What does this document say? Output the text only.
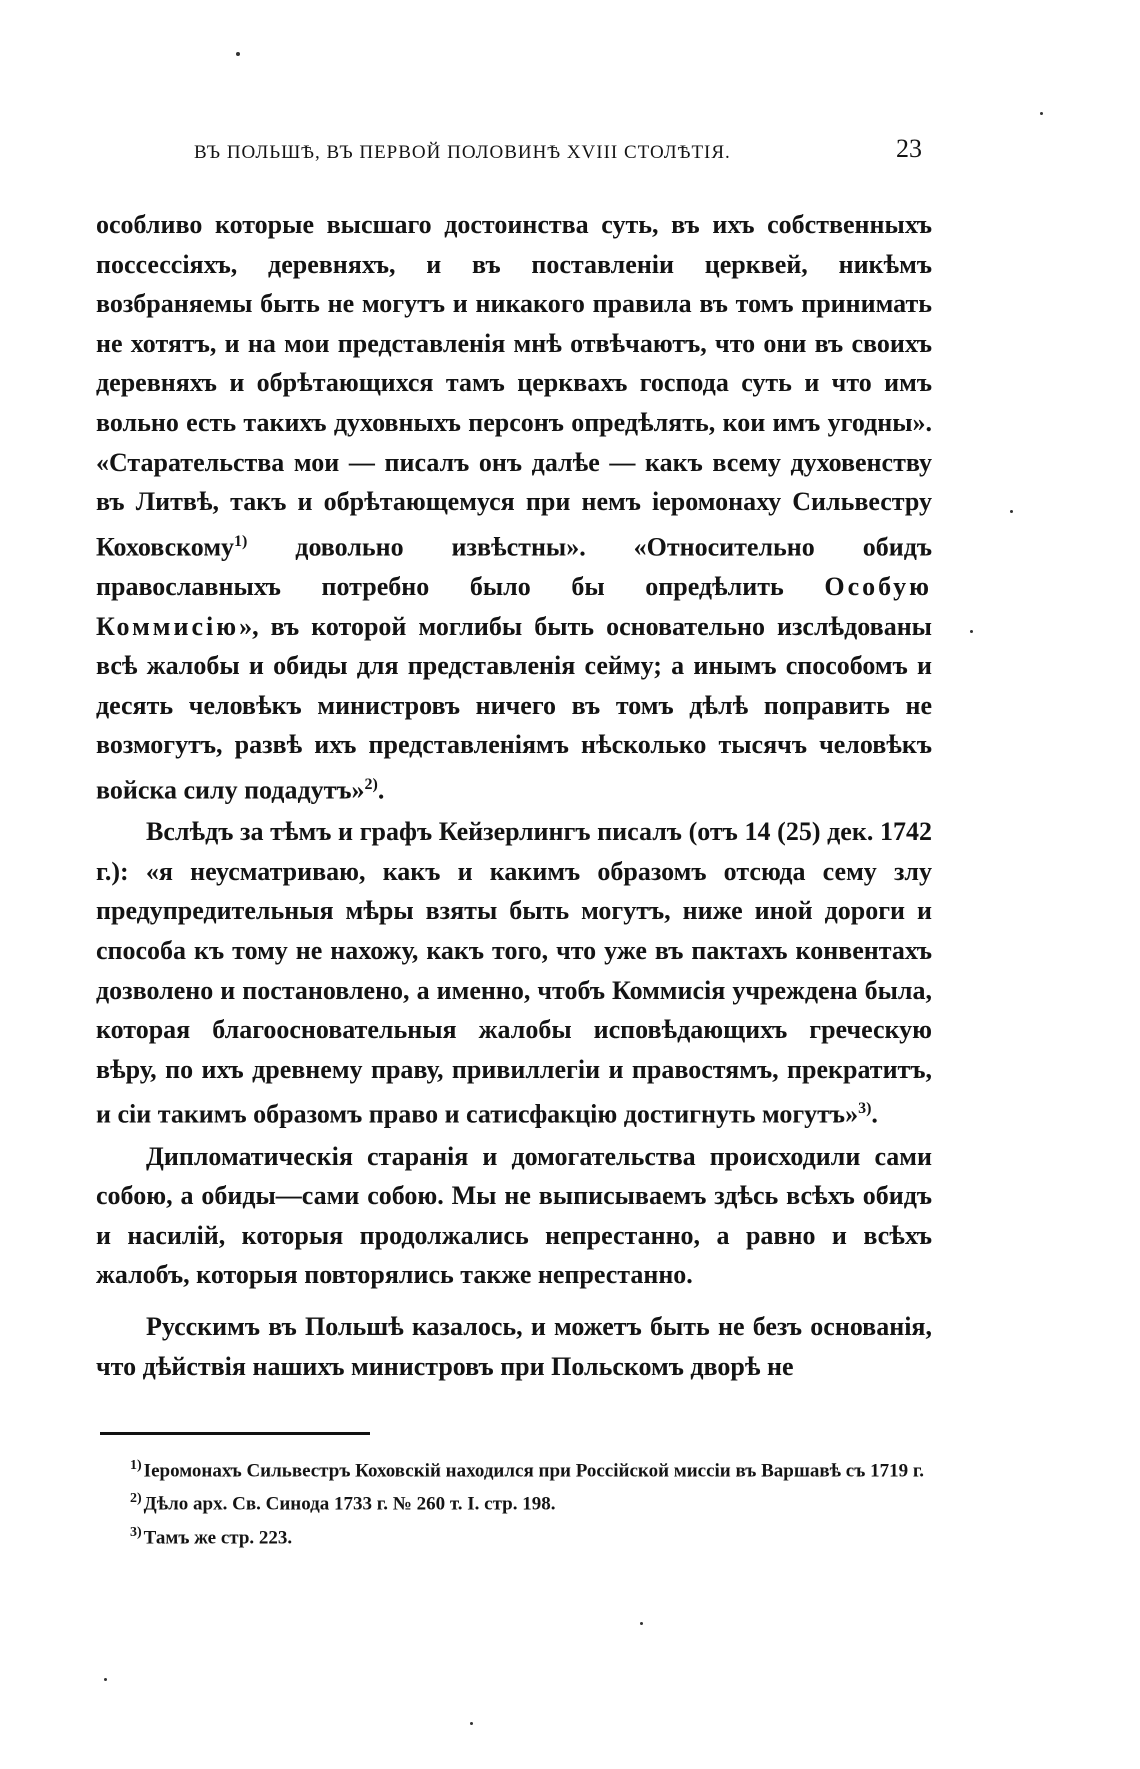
ВЪ ПОЛЬШѢ, ВЪ ПЕРВОЙ ПОЛОВИНѢ XVIII СТОЛѢТІЯ.	23

особливо которые высшаго достоинства суть, въ ихъ собственныхъ поссессіяхъ, деревняхъ, и въ поставленіи церквей, никѣмъ возбраняемы быть не могутъ и никакого правила въ томъ принимать не хотятъ, и на мои представленія мнѣ отвѣчаютъ, что они въ своихъ деревняхъ и обрѣтающихся тамъ церквахъ господа суть и что имъ вольно есть такихъ духовныхъ персонъ опредѣлять, кои имъ угодны». «Старательства мои — писалъ онъ далѣе — какъ всему духовенству въ Литвѣ, такъ и обрѣтающемуся при немъ іеромонаху Сильвестру Коховскому$^{1)}$ довольно извѣстны». «Относительно обидъ православныхъ потребно было бы опредѣлить Особую Коммисію», въ которой моглибы быть основательно изслѣдованы всѣ жалобы и обиды для представленія сейму; а инымъ способомъ и десять человѣкъ министровъ ничего въ томъ дѣлѣ поправить не возмогутъ, развѣ ихъ представленіямъ нѣсколько тысячъ человѣкъ войска силу подадутъ»$^{2)}$.

Вслѣдъ за тѣмъ и графъ Кейзерлингъ писалъ (отъ 14 (25) дек. 1742 г.): «я неусматриваю, какъ и какимъ образомъ отсюда сему злу предупредительныя мѣры взяты быть могутъ, ниже иной дороги и способа къ тому не нахожу, какъ того, что уже въ пактахъ конвентахъ дозволено и постановлено, а именно, чтобъ Коммисія учреждена была, которая благоосновательныя жалобы исповѣдающихъ греческую вѣру, по ихъ древнему праву, привиллегіи и правостямъ, прекратитъ, и сіи такимъ образомъ право и сатисфакцію достигнуть могутъ»$^{3)}$.

Дипломатическія старанія и домогательства происходили сами собою, а обиды—сами собою. Мы не выписываемъ здѣсь всѣхъ обидъ и насилій, которыя продолжались непрестанно, а равно и всѣхъ жалобъ, которыя повторялись также непрестанно.

Русскимъ въ Польшѣ казалось, и можетъ быть не безъ основанія, что дѣйствія нашихъ министровъ при Польскомъ дворѣ не

$^{1)}$ Іеромонахъ Сильвестръ Коховскій находился при Россійской миссіи въ Варшавѣ съ 1719 г.
$^{2)}$ Дѣло арх. Св. Синода 1733 г. № 260 т. I. стр. 198.
$^{3)}$ Тамъ же стр. 223.
